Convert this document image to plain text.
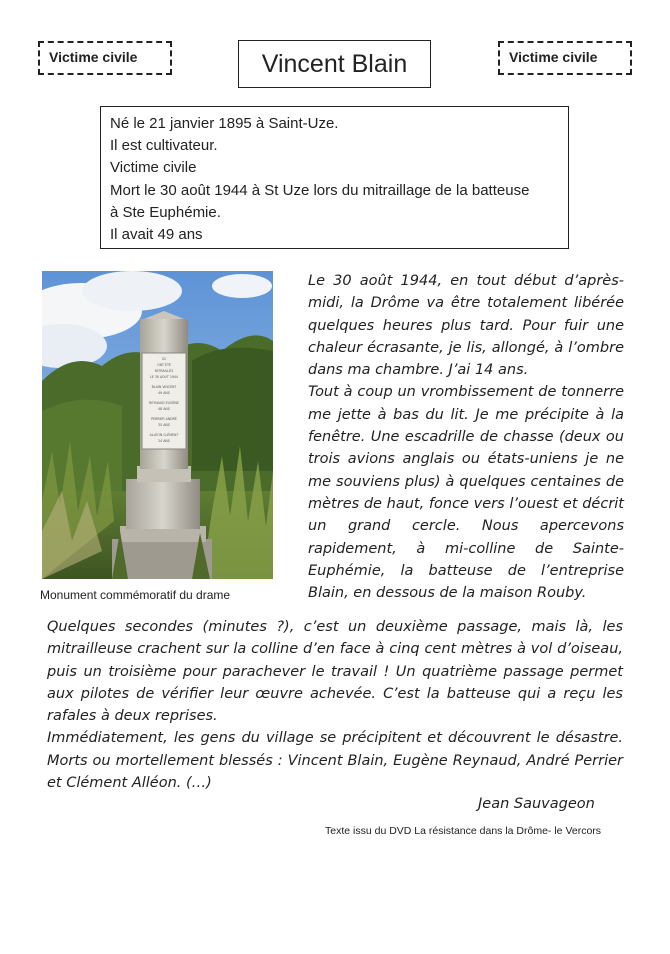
Victime civile	Vincent Blain	Victime civile
Né le 21 janvier 1895 à Saint-Uze.
Il est cultivateur.
Victime civile
Mort le 30 août 1944 à St Uze lors du mitraillage de la batteuse
à Ste Euphémie.
Il avait 49 ans
ICI
ONT ÉTÉ
MITRAILLÉS
LE 30 AOUT 1944
BLAIN VINCENT
49 ANS
REYNAUD EUGÈNE
48 ANS
PERRIER ANDRÉ
35 ANS
ALLÉON CLÉMENT
24 ANS
Monument commémoratif du drame

Le 30 août 1944, en tout début d’après-midi, la Drôme va être totalement libérée quelques heures plus tard. Pour fuir une chaleur écrasante, je lis, allongé, à l’ombre dans ma chambre. J’ai 14 ans.

Tout à coup un vrombissement de tonnerre me jette à bas du lit. Je me précipite à la fenêtre. Une escadrille de chasse (deux ou trois avions anglais ou états-uniens je ne me souviens plus) à quelques centaines de mètres de haut, fonce vers l’ouest et décrit un grand cercle. Nous apercevons rapidement, à mi-colline de Sainte-Euphémie, la batteuse de l’entreprise Blain, en dessous de la maison Rouby.

Quelques secondes (minutes ?), c’est un deuxième passage, mais là, les mitrailleuse crachent sur la colline d’en face à cinq cent mètres à vol d’oiseau, puis un troisième pour parachever le travail ! Un quatrième passage permet aux pilotes de vérifier leur œuvre achevée. C’est la batteuse qui a reçu les rafales à deux reprises.

Immédiatement, les gens du village se précipitent et découvrent le désastre. Morts ou mortellement blessés : Vincent Blain, Eugène Reynaud, André Perrier et Clément Alléon. (…)

Jean Sauvageon
Texte issu du DVD La résistance dans la Drôme- le Vercors
